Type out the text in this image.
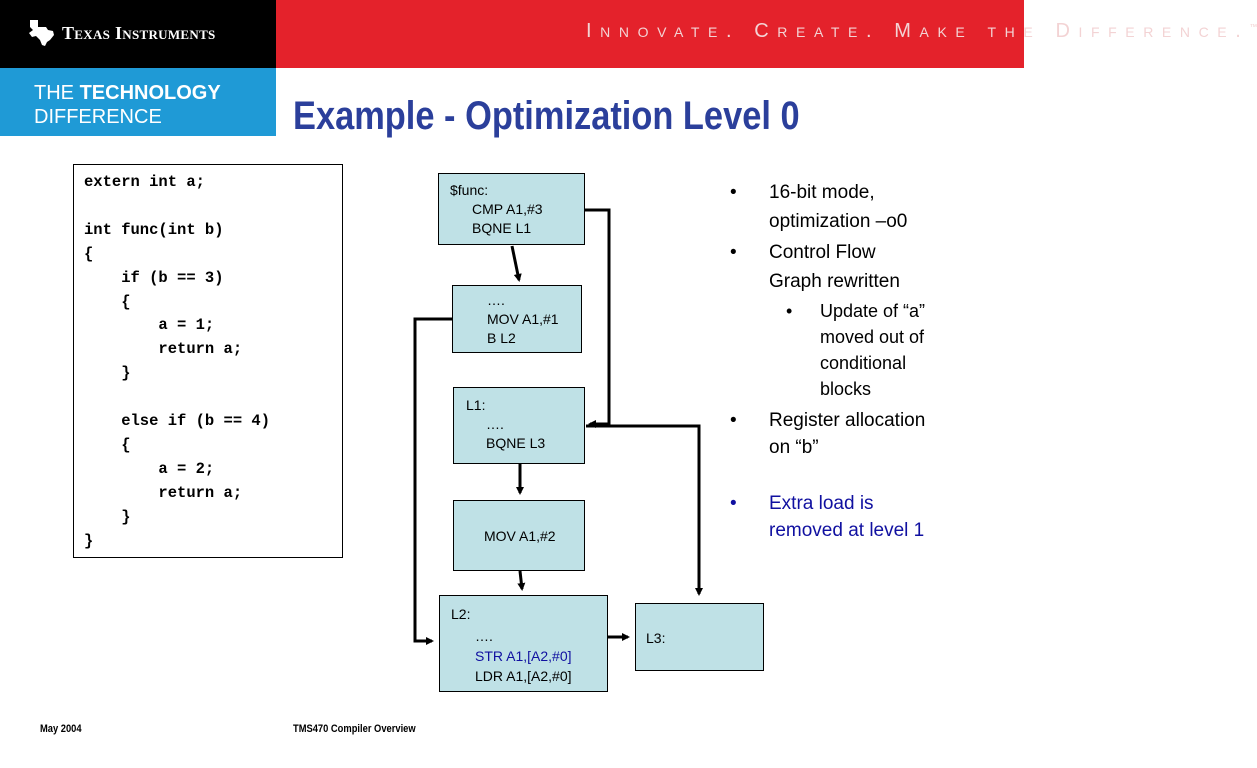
Texas Instruments	Innovate. Create. Make the Difference.™
THE TECHNOLOGY
DIFFERENCE	Example - Optimization Level 0
extern int a;

int func(int b)
{
if (b == 3)
{
a = 1;
return a;
}

else if (b == 4)
{
a = 2;
return a;
}
}
$func:
CMP A1,#3
BQNE L1
….
MOV A1,#1
B L2
L1:
….
BQNE L3
MOV A1,#2
L2:
….
STR A1,[A2,#0]
LDR A1,[A2,#0]
L3:
• 16-bit mode,
optimization –o0
• Control Flow
Graph rewritten
• Update of “a”
moved out of
conditional
blocks
• Register allocation
on “b”
• Extra load is
removed at level 1
May 2004	TMS470 Compiler Overview
